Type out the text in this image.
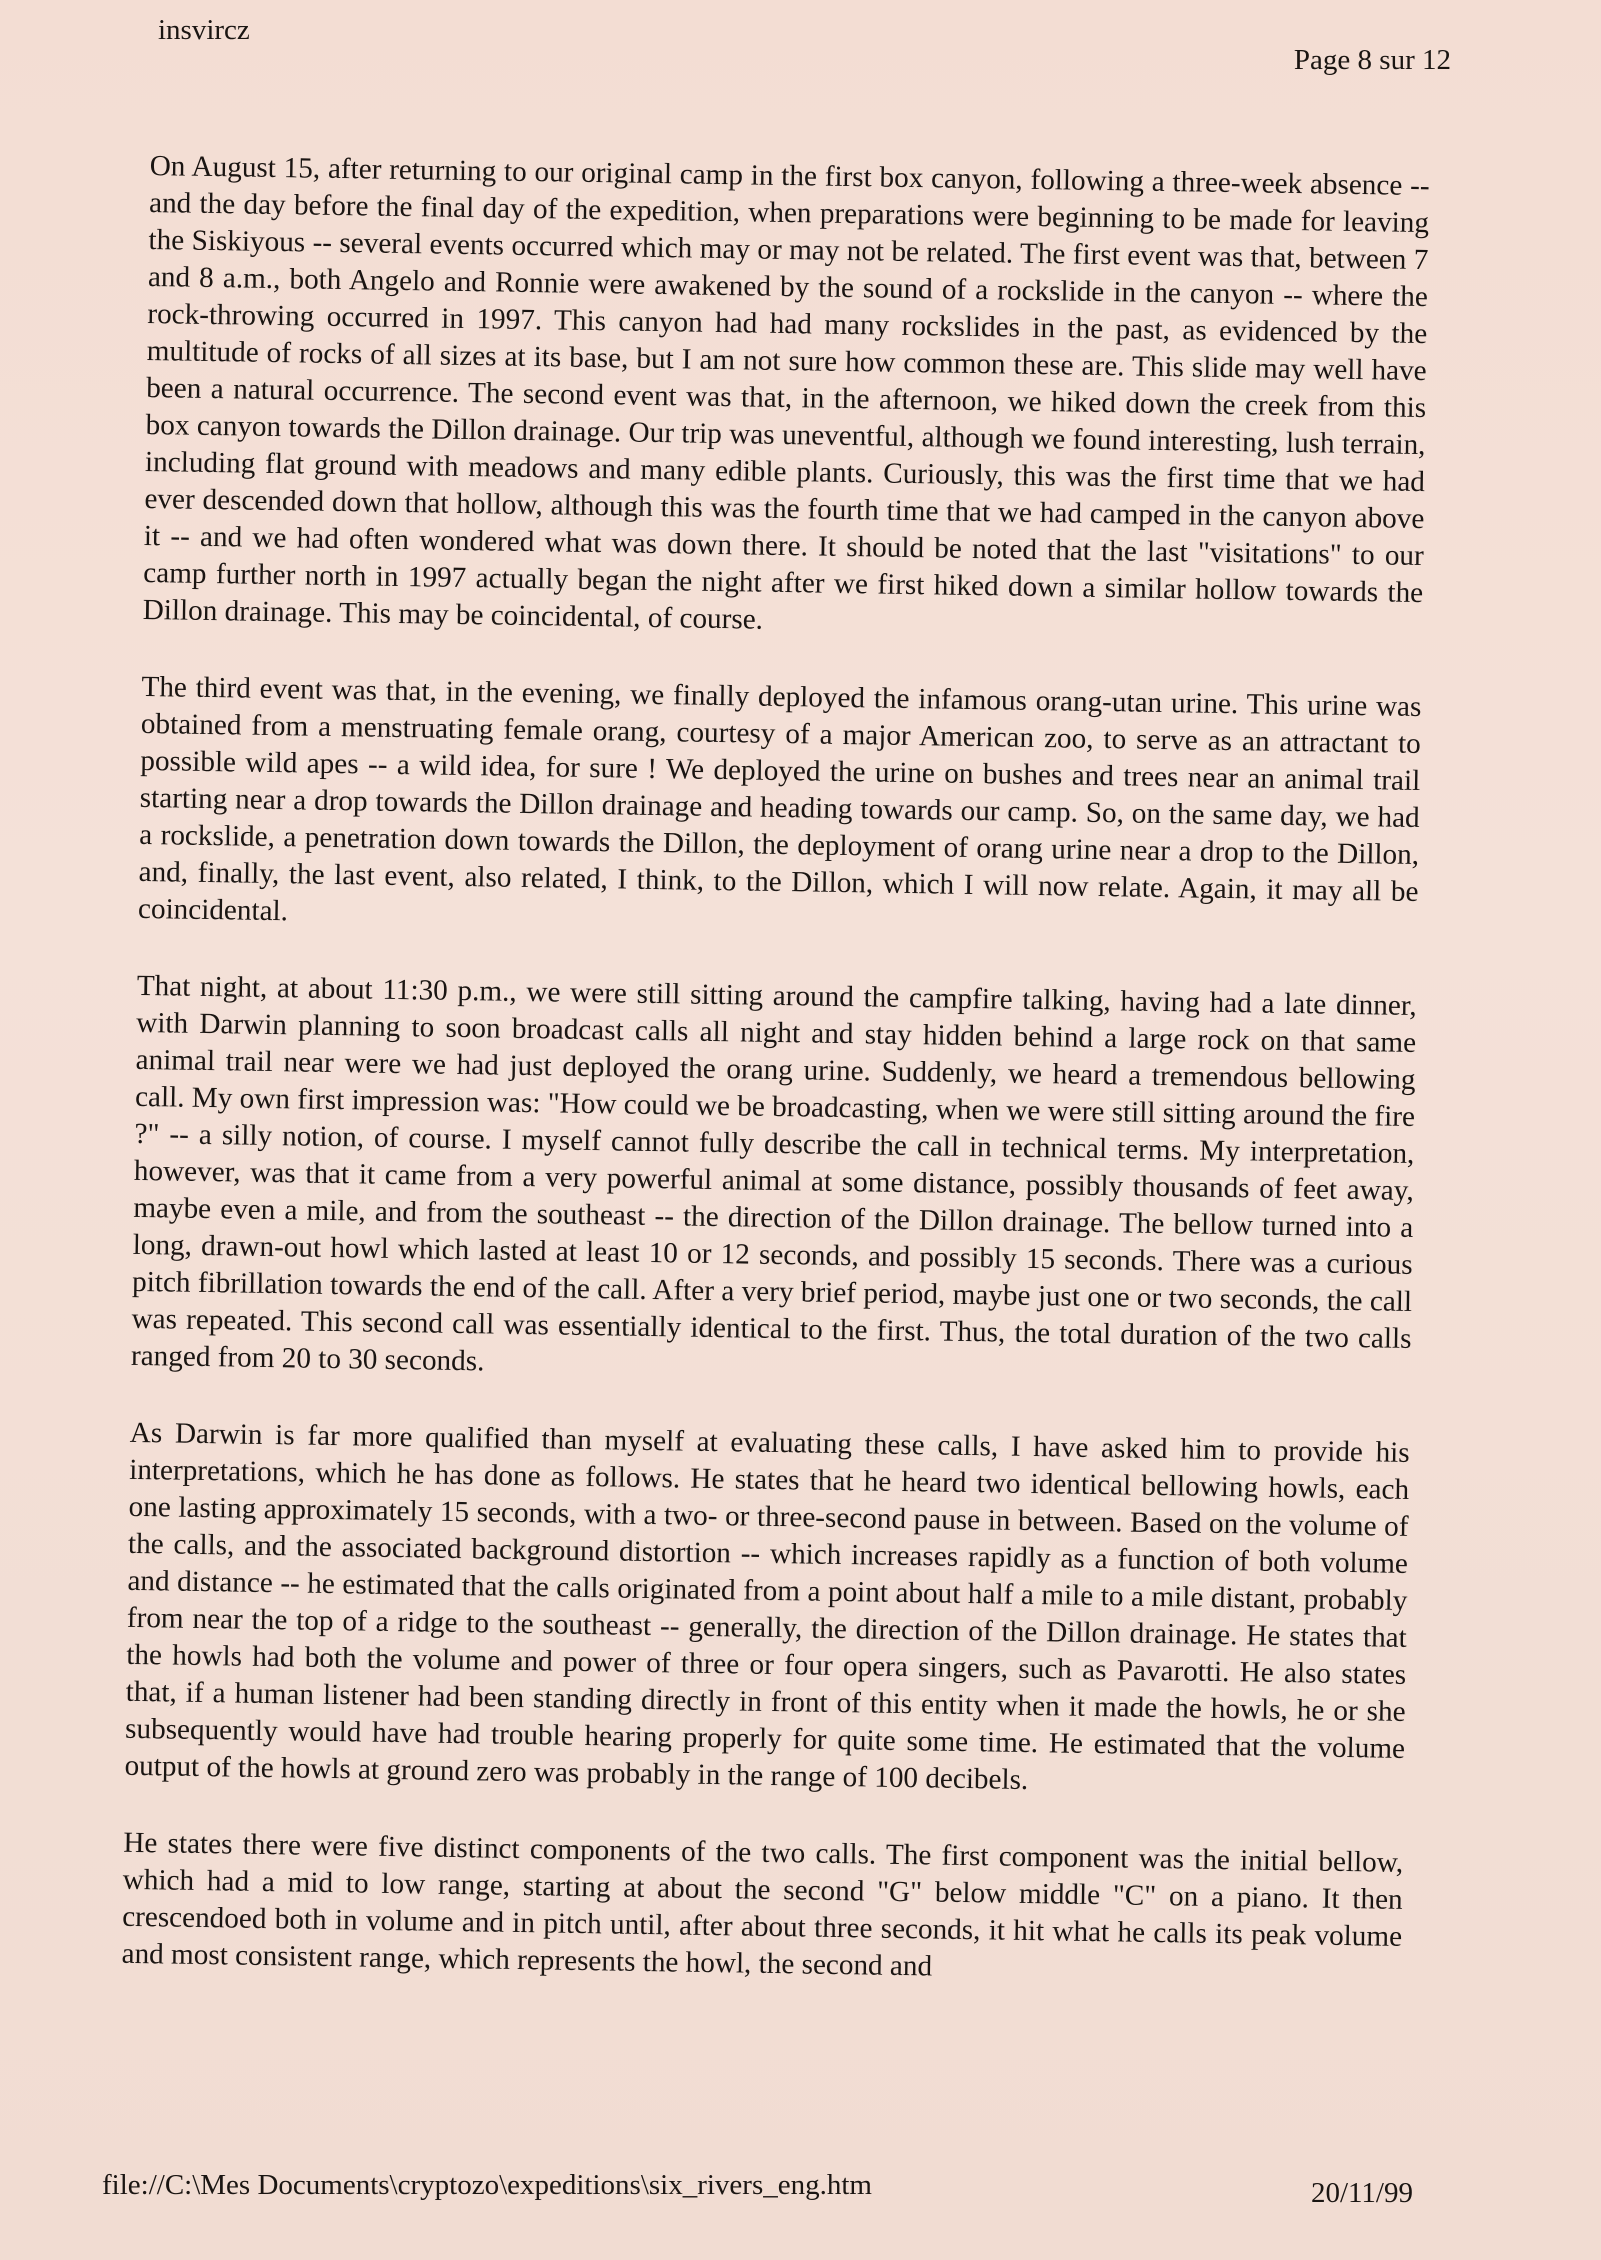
insvircz
Page 8 sur 12

On August 15, after returning to our original camp in the first box canyon, following a three-week absence -- and the day before the final day of the expedition, when preparations were beginning to be made for leaving the Siskiyous -- several events occurred which may or may not be related. The first event was that, between 7 and 8 a.m., both Angelo and Ronnie were awakened by the sound of a rockslide in the canyon -- where the rock-throwing occurred in 1997. This canyon had had many rockslides in the past, as evidenced by the multitude of rocks of all sizes at its base, but I am not sure how common these are. This slide may well have been a natural occurrence. The second event was that, in the afternoon, we hiked down the creek from this box canyon towards the Dillon drainage. Our trip was uneventful, although we found interesting, lush terrain, including flat ground with meadows and many edible plants. Curiously, this was the first time that we had ever descended down that hollow, although this was the fourth time that we had camped in the canyon above it -- and we had often wondered what was down there. It should be noted that the last "visitations" to our camp further north in 1997 actually began the night after we first hiked down a similar hollow towards the Dillon drainage. This may be coincidental, of course.

The third event was that, in the evening, we finally deployed the infamous orang-utan urine. This urine was obtained from a menstruating female orang, courtesy of a major American zoo, to serve as an attractant to possible wild apes -- a wild idea, for sure ! We deployed the urine on bushes and trees near an animal trail starting near a drop towards the Dillon drainage and heading towards our camp. So, on the same day, we had a rockslide, a penetration down towards the Dillon, the deployment of orang urine near a drop to the Dillon, and, finally, the last event, also related, I think, to the Dillon, which I will now relate. Again, it may all be coincidental.

That night, at about 11:30 p.m., we were still sitting around the campfire talking, having had a late dinner, with Darwin planning to soon broadcast calls all night and stay hidden behind a large rock on that same animal trail near were we had just deployed the orang urine. Suddenly, we heard a tremendous bellowing call. My own first impression was: "How could we be broadcasting, when we were still sitting around the fire ?" -- a silly notion, of course. I myself cannot fully describe the call in technical terms. My interpretation, however, was that it came from a very powerful animal at some distance, possibly thousands of feet away, maybe even a mile, and from the southeast -- the direction of the Dillon drainage. The bellow turned into a long, drawn-out howl which lasted at least 10 or 12 seconds, and possibly 15 seconds. There was a curious pitch fibrillation towards the end of the call. After a very brief period, maybe just one or two seconds, the call was repeated. This second call was essentially identical to the first. Thus, the total duration of the two calls ranged from 20 to 30 seconds.

As Darwin is far more qualified than myself at evaluating these calls, I have asked him to provide his interpretations, which he has done as follows. He states that he heard two identical bellowing howls, each one lasting approximately 15 seconds, with a two- or three-second pause in between. Based on the volume of the calls, and the associated background distortion -- which increases rapidly as a function of both volume and distance -- he estimated that the calls originated from a point about half a mile to a mile distant, probably from near the top of a ridge to the southeast -- generally, the direction of the Dillon drainage. He states that the howls had both the volume and power of three or four opera singers, such as Pavarotti. He also states that, if a human listener had been standing directly in front of this entity when it made the howls, he or she subsequently would have had trouble hearing properly for quite some time. He estimated that the volume output of the howls at ground zero was probably in the range of 100 decibels.

He states there were five distinct components of the two calls. The first component was the initial bellow, which had a mid to low range, starting at about the second "G" below middle "C" on a piano. It then crescendoed both in volume and in pitch until, after about three seconds, it hit what he calls its peak volume and most consistent range, which represents the howl, the second and

file://C:\Mes Documents\cryptozo\expeditions\six_rivers_eng.htm	20/11/99
